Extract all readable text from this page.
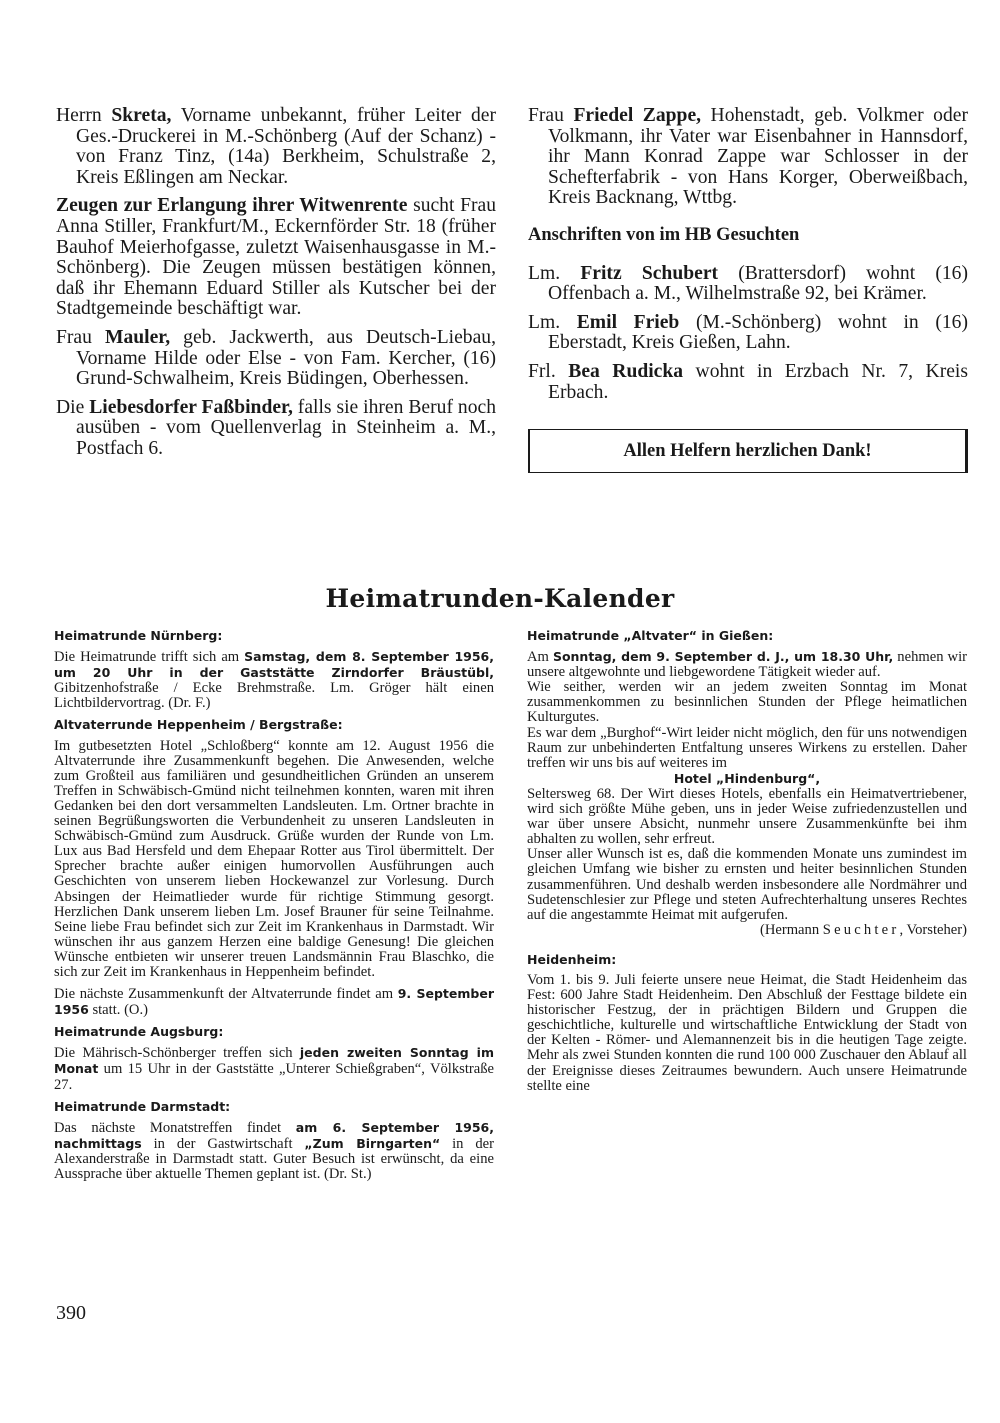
Herrn Skreta, Vorname unbekannt, früher Leiter der Ges.-Druckerei in M.-Schönberg (Auf der Schanz) - von Franz Tinz, (14a) Berkheim, Schulstraße 2, Kreis Eßlingen am Neckar.

Zeugen zur Erlangung ihrer Witwenrente sucht Frau Anna Stiller, Frankfurt/M., Eckernförder Str. 18 (früher Bauhof Meierhofgasse, zuletzt Waisenhausgasse in M.-Schönberg). Die Zeugen müssen bestätigen können, daß ihr Ehemann Eduard Stiller als Kutscher bei der Stadtgemeinde beschäftigt war.

Frau Mauler, geb. Jackwerth, aus Deutsch-Liebau, Vorname Hilde oder Else - von Fam. Kercher, (16) Grund-Schwalheim, Kreis Büdingen, Oberhessen.

Die Liebesdorfer Faßbinder, falls sie ihren Beruf noch ausüben - vom Quellenverlag in Steinheim a. M., Postfach 6.

Frau Friedel Zappe, Hohenstadt, geb. Volkmer oder Volkmann, ihr Vater war Eisenbahner in Hannsdorf, ihr Mann Konrad Zappe war Schlosser in der Schefterfabrik - von Hans Korger, Oberweißbach, Kreis Backnang, Wttbg.

Anschriften von im HB Gesuchten

Lm. Fritz Schubert (Brattersdorf) wohnt (16) Offenbach a. M., Wilhelmstraße 92, bei Krämer.

Lm. Emil Frieb (M.-Schönberg) wohnt in (16) Eberstadt, Kreis Gießen, Lahn.

Frl. Bea Rudicka wohnt in Erzbach Nr. 7, Kreis Erbach.

Allen Helfern herzlichen Dank!
Heimatrunden-Kalender
Heimatrunde Nürnberg:

Die Heimatrunde trifft sich am Samstag, dem 8. September 1956, um 20 Uhr in der Gaststätte Zirndorfer Bräustübl, Gibitzenhofstraße / Ecke Brehmstraße. Lm. Gröger hält einen Lichtbildervortrag. (Dr. F.)

Altvaterrunde Heppenheim / Bergstraße:

Im gutbesetzten Hotel „Schloßberg“ konnte am 12. August 1956 die Altvaterrunde ihre Zusammenkunft begehen. Die Anwesenden, welche zum Großteil aus familiären und gesundheitlichen Gründen an unserem Treffen in Schwäbisch-Gmünd nicht teilnehmen konnten, waren mit ihren Gedanken bei den dort versammelten Landsleuten. Lm. Ortner brachte in seinen Begrüßungsworten die Verbundenheit zu unseren Landsleuten in Schwäbisch-Gmünd zum Ausdruck. Grüße wurden der Runde von Lm. Lux aus Bad Hersfeld und dem Ehepaar Rotter aus Tirol übermittelt. Der Sprecher brachte außer einigen humorvollen Ausführungen auch Geschichten von unserem lieben Hockewanzel zur Vorlesung. Durch Absingen der Heimatlieder wurde für richtige Stimmung gesorgt. Herzlichen Dank unserem lieben Lm. Josef Brauner für seine Teilnahme. Seine liebe Frau befindet sich zur Zeit im Krankenhaus in Darmstadt. Wir wünschen ihr aus ganzem Herzen eine baldige Genesung! Die gleichen Wünsche entbieten wir unserer treuen Landsmännin Frau Blaschko, die sich zur Zeit im Krankenhaus in Heppenheim befindet.

Die nächste Zusammenkunft der Altvaterrunde findet am 9. September 1956 statt. (O.)

Heimatrunde Augsburg:

Die Mährisch-Schönberger treffen sich jeden zweiten Sonntag im Monat um 15 Uhr in der Gaststätte „Unterer Schießgraben“, Völkstraße 27.

Heimatrunde Darmstadt:

Das nächste Monatstreffen findet am 6. September 1956, nachmittags in der Gastwirtschaft „Zum Birngarten“ in der Alexanderstraße in Darmstadt statt. Guter Besuch ist erwünscht, da eine Aussprache über aktuelle Themen geplant ist. (Dr. St.)

Heimatrunde „Altvater“ in Gießen:

Am Sonntag, dem 9. September d. J., um 18.30 Uhr, nehmen wir unsere altgewohnte und liebgewordene Tätigkeit wieder auf.

Wie seither, werden wir an jedem zweiten Sonntag im Monat zusammenkommen zu besinnlichen Stunden der Pflege heimatlichen Kulturgutes.

Es war dem „Burghof“-Wirt leider nicht möglich, den für uns notwendigen Raum zur unbehinderten Entfaltung unseres Wirkens zu erstellen. Daher treffen wir uns bis auf weiteres im

Hotel „Hindenburg“,

Seltersweg 68. Der Wirt dieses Hotels, ebenfalls ein Heimatvertriebener, wird sich größte Mühe geben, uns in jeder Weise zufriedenzustellen und war über unsere Absicht, nunmehr unsere Zusammenkünfte bei ihm abhalten zu wollen, sehr erfreut.

Unser aller Wunsch ist es, daß die kommenden Monate uns zumindest im gleichen Umfang wie bisher zu ernsten und heiter besinnlichen Stunden zusammenführen. Und deshalb werden insbesondere alle Nordmährer und Sudetenschlesier zur Pflege und steten Aufrechterhaltung unseres Rechtes auf die angestammte Heimat mit aufgerufen.

(Hermann Seuchter, Vorsteher)

Heidenheim:

Vom 1. bis 9. Juli feierte unsere neue Heimat, die Stadt Heidenheim das Fest: 600 Jahre Stadt Heidenheim. Den Abschluß der Festtage bildete ein historischer Festzug, der in prächtigen Bildern und Gruppen die geschichtliche, kulturelle und wirtschaftliche Entwicklung der Stadt von der Kelten - Römer- und Alemannenzeit bis in die heutigen Tage zeigte. Mehr als zwei Stunden konnten die rund 100 000 Zuschauer den Ablauf all der Ereignisse dieses Zeitraumes bewundern. Auch unsere Heimatrunde stellte eine

390
